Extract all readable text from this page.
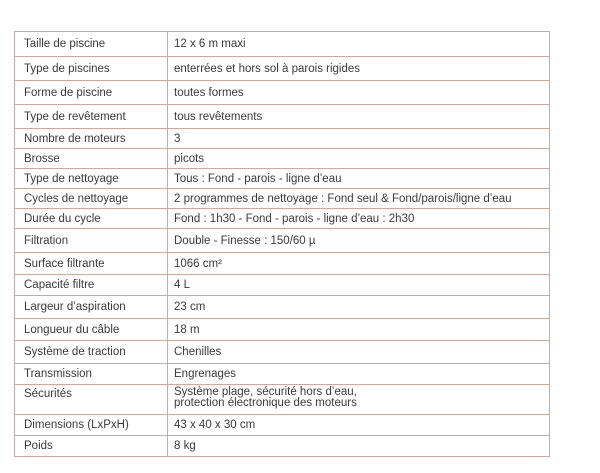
Taille de piscine	12 x 6 m maxi
Type de piscines	enterrées et hors sol à parois rigides
Forme de piscine	toutes formes
Type de revêtement	tous revêtements
Nombre de moteurs	3
Brosse	picots
Type de nettoyage	Tous : Fond - parois - ligne d’eau
Cycles de nettoyage	2 programmes de nettoyage : Fond seul & Fond/parois/ligne d’eau
Durée du cycle	Fond : 1h30 - Fond - parois - ligne d’eau : 2h30
Filtration	Double - Finesse : 150/60 µ
Surface filtrante	1066 cm²
Capacité filtre	4 L
Largeur d’aspiration	23 cm
Longueur du câble	18 m
Système de traction	Chenilles
Transmission	Engrenages
Sécurités	Système plage, sécurité hors d’eau,
protection électronique des moteurs

Dimensions (LxPxH)	43 x 40 x 30 cm
Poids	8 kg
